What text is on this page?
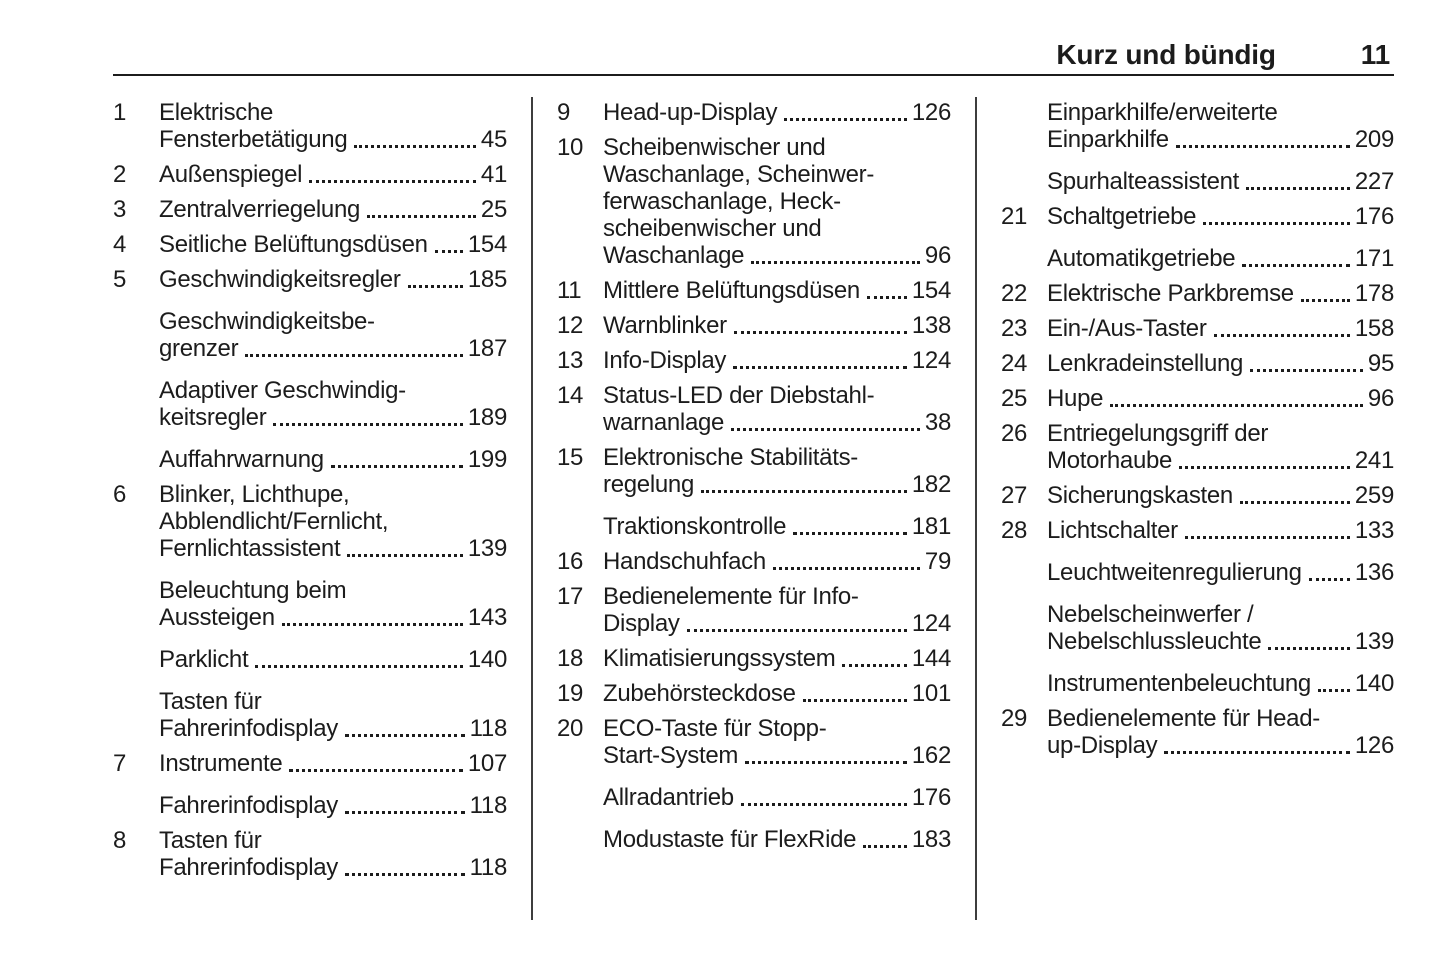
Kurz und bündig	11
1	Elektrische
Fensterbetätigung	45
2	Außenspiegel	41
3	Zentralverriegelung	25
4	Seitliche Belüftungsdüsen 154
5	Geschwindigkeitsregler	185
Geschwindigkeitsbe-
grenzer	187
Adaptiver Geschwindig-
keitsregler	189
Auffahrwarnung	199
6	Blinker, Lichthupe,
Abblendlicht/Fernlicht,
Fernlichtassistent	139
Beleuchtung beim
Aussteigen	143
Parklicht	140
Tasten für
Fahrerinfodisplay	118
7	Instrumente	107
Fahrerinfodisplay	118
8	Tasten für
Fahrerinfodisplay	118
9	Head-up-Display	126
10 Scheibenwischer und
Waschanlage, Scheinwer-
ferwaschanlage, Heck-
scheibenwischer und
Waschanlage	96
11 Mittlere Belüftungsdüsen 154
12 Warnblinker	138
13 Info-Display	124
14 Status-LED der Diebstahl-
warnanlage	38
15 Elektronische Stabilitäts-
regelung	182
Traktionskontrolle	181
16 Handschuhfach	79
17 Bedienelemente für Info-
Display	124
18 Klimatisierungssystem	144
19 Zubehörsteckdose	101
20 ECO-Taste für Stopp-
Start-System	162
Allradantrieb	176
Modustaste für FlexRide 183
Einparkhilfe/erweiterte
Einparkhilfe	209
Spurhalteassistent	227
21 Schaltgetriebe	176
Automatikgetriebe	171
22 Elektrische Parkbremse	178
23 Ein-/Aus-Taster	158
24 Lenkradeinstellung	95
25 Hupe	96
26 Entriegelungsgriff der
Motorhaube	241
27 Sicherungskasten	259
28 Lichtschalter	133
Leuchtweitenregulierung 136
Nebelscheinwerfer /
Nebelschlussleuchte	139
Instrumentenbeleuchtung 140
29 Bedienelemente für Head-
up-Display	126
